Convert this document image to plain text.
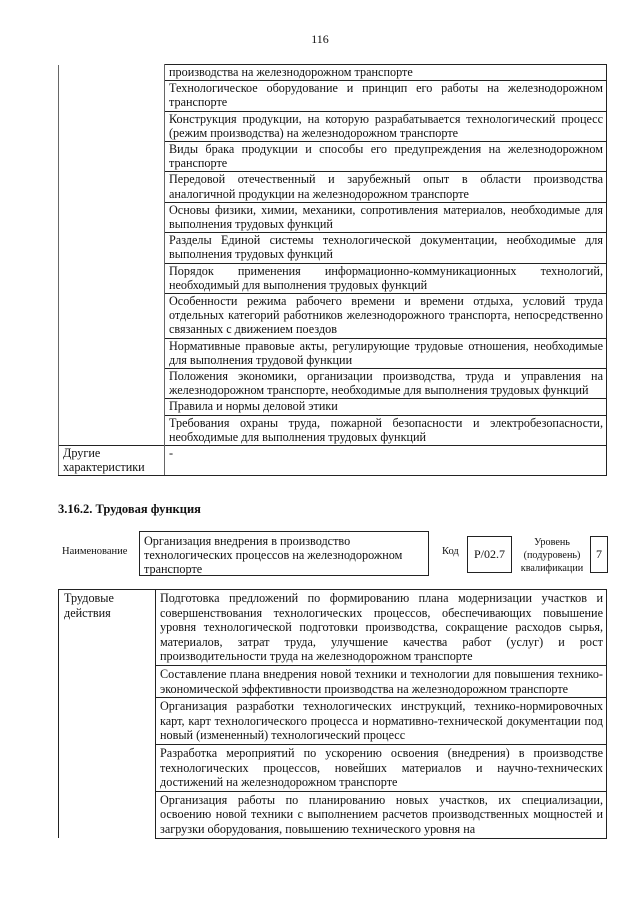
116
	производства на железнодорожном транспорте
	Технологическое оборудование и принцип его работы на железнодорожном транспорте
	Конструкция продукции, на которую разрабатывается технологический процесс (режим производства) на железнодорожном транспорте
	Виды брака продукции и способы его предупреждения на железнодорожном транспорте
	Передовой отечественный и зарубежный опыт в области производства аналогичной продукции на железнодорожном транспорте
	Основы физики, химии, механики, сопротивления материалов, необходимые для выполнения трудовых функций
	Разделы Единой системы технологической документации, необходимые для выполнения трудовых функций
	Порядок применения информационно-коммуникационных технологий, необходимый для выполнения трудовых функций
	Особенности режима рабочего времени и времени отдыха, условий труда отдельных категорий работников железнодорожного транспорта, непосредственно связанных с движением поездов
	Нормативные правовые акты, регулирующие трудовые отношения, необходимые для выполнения трудовой функции
	Положения экономики, организации производства, труда и управления на железнодорожном транспорте, необходимые для выполнения трудовых функций
	Правила и нормы деловой этики
	Требования охраны труда, пожарной безопасности и электробезопасности, необходимые для выполнения трудовых функций
Другие характеристики	-
3.16.2. Трудовая функция
Наименование
Организация внедрения в производство технологических процессов на железнодорожном транспорте
Код	P/02.7
Уровень (подуровень) квалификации
7
Трудовые действия	Подготовка предложений по формированию плана модернизации участков и совершенствования технологических процессов, обеспечивающих повышение уровня технологической подготовки производства, сокращение расходов сырья, материалов, затрат труда, улучшение качества работ (услуг) и рост производительности труда на железнодорожном транспорте
Составление плана внедрения новой техники и технологии для повышения технико-экономической эффективности производства на железнодорожном транспорте
Организация разработки технологических инструкций, технико-нормировочных карт, карт технологического процесса и нормативно-технической документации под новый (измененный) технологический процесс
Разработка мероприятий по ускорению освоения (внедрения) в производстве технологических процессов, новейших материалов и научно-технических достижений на железнодорожном транспорте
Организация работы по планированию новых участков, их специализации, освоению новой техники с выполнением расчетов производственных мощностей и загрузки оборудования, повышению технического уровня на
